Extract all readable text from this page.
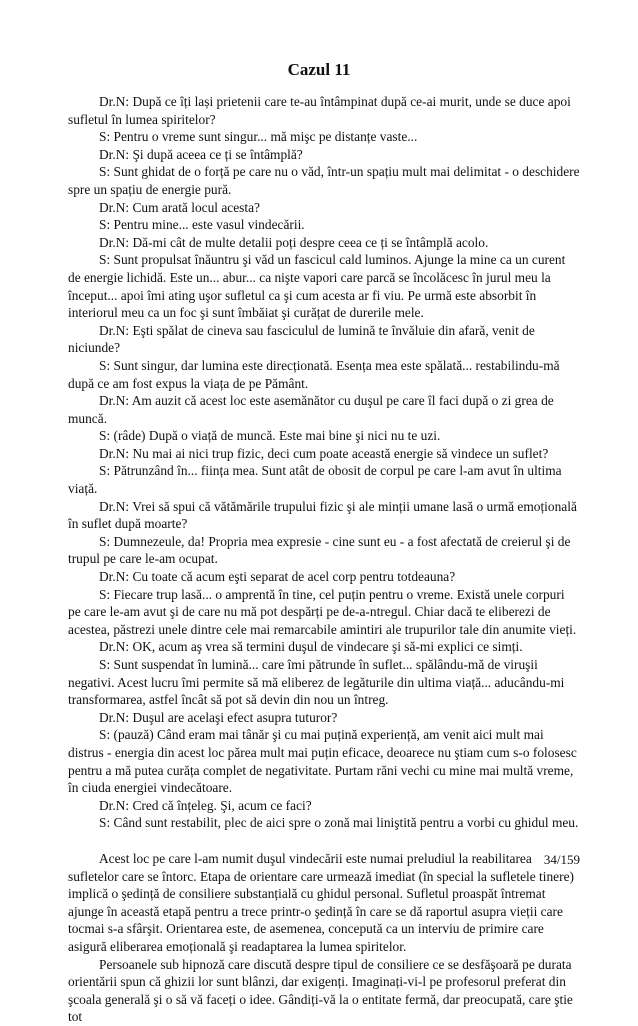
Cazul 11

Dr.N: După ce îți lași prietenii care te-au întâmpinat după ce-ai murit, unde se duce apoi sufletul în lumea spiritelor?

S: Pentru o vreme sunt singur... mă mişc pe distanțe vaste...

Dr.N: Şi după aceea ce ți se întâmplă?

S: Sunt ghidat de o forță pe care nu o văd, într-un spațiu mult mai delimitat - o deschidere spre un spațiu de energie pură.

Dr.N: Cum arată locul acesta?

S: Pentru mine... este vasul vindecării.

Dr.N: Dă-mi cât de multe detalii poți despre ceea ce ți se întâmplă acolo.

S: Sunt propulsat înăuntru şi văd un fascicul cald luminos. Ajunge la mine ca un curent de energie lichidă. Este un... abur... ca nişte vapori care parcă se încolăcesc în jurul meu la început... apoi îmi ating uşor sufletul ca şi cum acesta ar fi viu. Pe urmă este absorbit în interiorul meu ca un foc şi sunt îmbăiat şi curățat de durerile mele.

Dr.N: Eşti spălat de cineva sau fasciculul de lumină te învăluie din afară, venit de niciunde?

S: Sunt singur, dar lumina este direcționată. Esența mea este spălată... restabilindu-mă după ce am fost expus la viața de pe Pământ.

Dr.N: Am auzit că acest loc este asemănător cu duşul pe care îl faci după o zi grea de muncă.

S: (râde) După o viață de muncă. Este mai bine şi nici nu te uzi.

Dr.N: Nu mai ai nici trup fizic, deci cum poate această energie să vindece un suflet?

S: Pătrunzând în... ființa mea. Sunt atât de obosit de corpul pe care l-am avut în ultima viață.

Dr.N: Vrei să spui că vătămările trupului fizic şi ale minții umane lasă o urmă emoțională în suflet după moarte?

S: Dumnezeule, da! Propria mea expresie - cine sunt eu - a fost afectată de creierul şi de trupul pe care le-am ocupat.

Dr.N: Cu toate că acum eşti separat de acel corp pentru totdeauna?

S: Fiecare trup lasă... o amprentă în tine, cel puțin pentru o vreme. Există unele corpuri pe care le-am avut şi de care nu mă pot despărți pe de-a-ntregul. Chiar dacă te eliberezi de acestea, păstrezi unele dintre cele mai remarcabile amintiri ale trupurilor tale din anumite vieți.

Dr.N: OK, acum aş vrea să termini duşul de vindecare şi să-mi explici ce simți.

S: Sunt suspendat în lumină... care îmi pătrunde în suflet... spălându-mă de viruşii negativi. Acest lucru îmi permite să mă eliberez de legăturile din ultima viață... aducându-mi transformarea, astfel încât să pot să devin din nou un întreg.

Dr.N: Duşul are acelaşi efect asupra tuturor?

S: (pauză) Când eram mai tânăr şi cu mai puțină experiență, am venit aici mult mai distrus - energia din acest loc părea mult mai puțin eficace, deoarece nu ştiam cum s-o folosesc pentru a mă putea curăța complet de negativitate. Purtam răni vechi cu mine mai multă vreme, în ciuda energiei vindecătoare.

Dr.N: Cred că înțeleg. Şi, acum ce faci?

S: Când sunt restabilit, plec de aici spre o zonă mai liniştită pentru a vorbi cu ghidul meu.

Acest loc pe care l-am numit duşul vindecării este numai preludiul la reabilitarea sufletelor care se întorc. Etapa de orientare care urmează imediat (în special la sufletele tinere) implică o şedință de consiliere substanțială cu ghidul personal. Sufletul proaspăt întremat ajunge în această etapă pentru a trece printr-o şedință în care se dă raportul asupra vieții care tocmai s-a sfârşit. Orientarea este, de asemenea, concepută ca un interviu de primire care asigură eliberarea emoțională şi readaptarea la lumea spiritelor.

Persoanele sub hipnoză care discută despre tipul de consiliere ce se desfăşoară pe durata orientării spun că ghizii lor sunt blânzi, dar exigenți. Imaginați-vi-l pe profesorul preferat din şcoala generală şi o să vă faceți o idee. Gândiți-vă la o entitate fermă, dar preocupată, care ştie tot

34/159
